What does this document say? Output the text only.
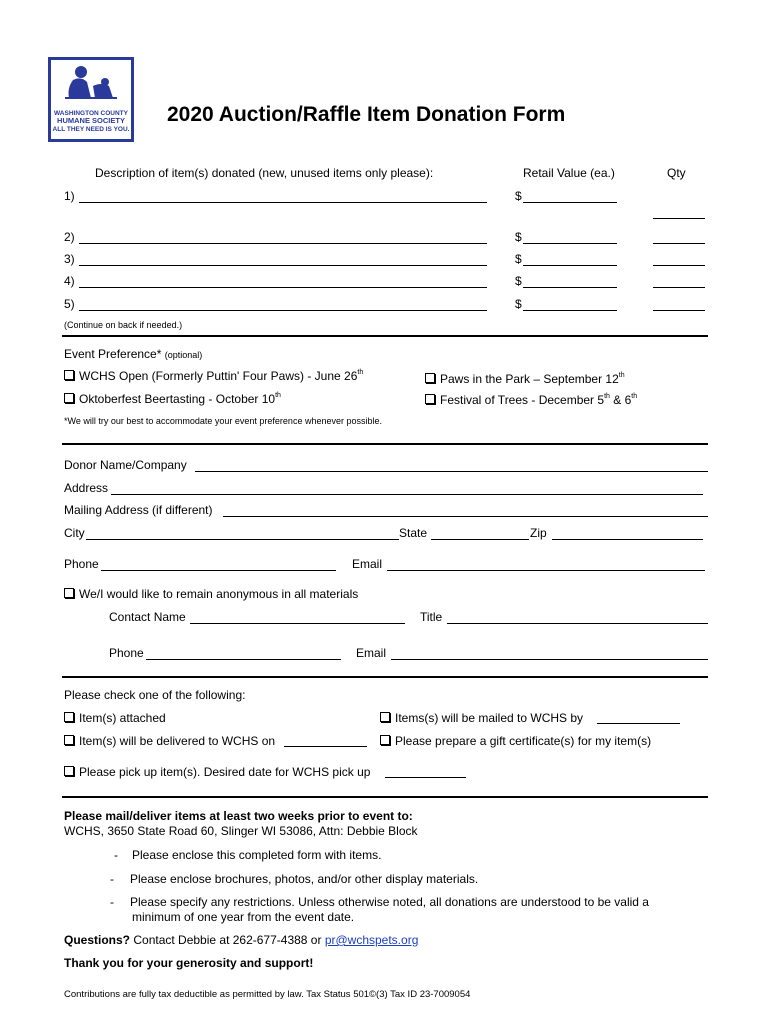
WASHINGTON COUNTY
HUMANE SOCIETY
ALL THEY NEED IS YOU.
2020 Auction/Raffle Item Donation Form
Description of item(s) donated (new, unused items only please):	Retail Value (ea.)	Qty
1)	$
2)	$
3)	$
4)	$
5)	$
(Continue on back if needed.)
Event Preference* (optional)
WCHS Open (Formerly Puttin' Four Paws) - June 26th	Paws in the Park – September 12th
Oktoberfest Beertasting - October 10th	Festival of Trees - December 5th & 6th
*We will try our best to accommodate your event preference whenever possible.
Donor Name/Company
Address
Mailing Address (if different)
City	State	Zip
Phone	Email
We/I would like to remain anonymous in all materials
Contact Name	Title
Phone	Email
Please check one of the following:
Item(s) attached	Items(s) will be mailed to WCHS by
Item(s) will be delivered to WCHS on	Please prepare a gift certificate(s) for my item(s)
Please pick up item(s). Desired date for WCHS pick up
Please mail/deliver items at least two weeks prior to event to:
WCHS, 3650 State Road 60, Slinger WI 53086, Attn: Debbie Block
- Please enclose this completed form with items.
- Please enclose brochures, photos, and/or other display materials.
- Please specify any restrictions. Unless otherwise noted, all donations are understood to be valid a
minimum of one year from the event date.
Questions? Contact Debbie at 262-677-4388 or pr@wchspets.org
Thank you for your generosity and support!
Contributions are fully tax deductible as permitted by law. Tax Status 501©(3) Tax ID 23-7009054
